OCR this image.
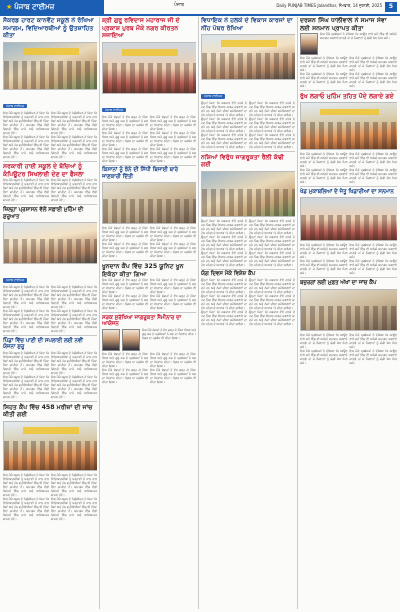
★ ਪੰਜਾਬ ਟਾਈਮਜ਼	ਪੰਜਾਬ	Daily PUNJAB TIMES Jalandhar, ਸੋਮਵਾਰ, 14 ਜੁਲਾਈ, 2025	5

ਸੈਕਰਡ ਹਾਰਟ ਕਾਨਵੈਂਟ ਸਕੂਲ ਨੇ ਰੱਖਿਆ ਸਮਾਗਮ, ਵਿਦਿਆਰਥੀਆਂ ਨੂੰ ਉਤਸ਼ਾਹਿਤ ਕੀਤਾ

ਪੰਜਾਬ ਟਾਈਮਜ਼

ਇਸ ਮੌਕੇ ਸਕੂਲ ਦੇ ਪ੍ਰਿੰਸੀਪਲ ਨੇ ਕਿਹਾ ਕਿ ਵਿਦਿਆਰਥੀਆਂ ਨੂੰ ਪੜ੍ਹਾਈ ਦੇ ਨਾਲ ਨਾਲ ਖੇਡਾਂ ਅਤੇ ਹੋਰ ਗਤੀਵਿਧੀਆਂ ਵਿੱਚ ਵੀ ਹਿੱਸਾ ਲੈਣਾ ਚਾਹੀਦਾ ਹੈ। ਸਮਾਗਮ ਵਿੱਚ ਵੱਡੀ ਗਿਣਤੀ ਵਿੱਚ ਮਾਪੇ ਅਤੇ ਅਧਿਆਪਕ ਸ਼ਾਮਲ ਹੋਏ।

ਇਸ ਮੌਕੇ ਸਕੂਲ ਦੇ ਪ੍ਰਿੰਸੀਪਲ ਨੇ ਕਿਹਾ ਕਿ ਵਿਦਿਆਰਥੀਆਂ ਨੂੰ ਪੜ੍ਹਾਈ ਦੇ ਨਾਲ ਨਾਲ ਖੇਡਾਂ ਅਤੇ ਹੋਰ ਗਤੀਵਿਧੀਆਂ ਵਿੱਚ ਵੀ ਹਿੱਸਾ ਲੈਣਾ ਚਾਹੀਦਾ ਹੈ। ਸਮਾਗਮ ਵਿੱਚ ਵੱਡੀ ਗਿਣਤੀ ਵਿੱਚ ਮਾਪੇ ਅਤੇ ਅਧਿਆਪਕ ਸ਼ਾਮਲ ਹੋਏ।

ਇਸ ਮੌਕੇ ਸਕੂਲ ਦੇ ਪ੍ਰਿੰਸੀਪਲ ਨੇ ਕਿਹਾ ਕਿ ਵਿਦਿਆਰਥੀਆਂ ਨੂੰ ਪੜ੍ਹਾਈ ਦੇ ਨਾਲ ਨਾਲ ਖੇਡਾਂ ਅਤੇ ਹੋਰ ਗਤੀਵਿਧੀਆਂ ਵਿੱਚ ਵੀ ਹਿੱਸਾ ਲੈਣਾ ਚਾਹੀਦਾ ਹੈ। ਸਮਾਗਮ ਵਿੱਚ ਵੱਡੀ ਗਿਣਤੀ ਵਿੱਚ ਮਾਪੇ ਅਤੇ ਅਧਿਆਪਕ ਸ਼ਾਮਲ ਹੋਏ।

ਇਸ ਮੌਕੇ ਸਕੂਲ ਦੇ ਪ੍ਰਿੰਸੀਪਲ ਨੇ ਕਿਹਾ ਕਿ ਵਿਦਿਆਰਥੀਆਂ ਨੂੰ ਪੜ੍ਹਾਈ ਦੇ ਨਾਲ ਨਾਲ ਖੇਡਾਂ ਅਤੇ ਹੋਰ ਗਤੀਵਿਧੀਆਂ ਵਿੱਚ ਵੀ ਹਿੱਸਾ ਲੈਣਾ ਚਾਹੀਦਾ ਹੈ। ਸਮਾਗਮ ਵਿੱਚ ਵੱਡੀ ਗਿਣਤੀ ਵਿੱਚ ਮਾਪੇ ਅਤੇ ਅਧਿਆਪਕ ਸ਼ਾਮਲ ਹੋਏ।

ਸਰਕਾਰੀ ਹਾਈ ਸਕੂਲ ਦੇ ਬੱਚਿਆਂ ਨੂੰ ਕੰਪਿਊਟਰ ਸਿਖਲਾਈ ਦੇਣ ਦਾ ਫੈਸਲਾ

ਇਸ ਮੌਕੇ ਸਕੂਲ ਦੇ ਪ੍ਰਿੰਸੀਪਲ ਨੇ ਕਿਹਾ ਕਿ ਵਿਦਿਆਰਥੀਆਂ ਨੂੰ ਪੜ੍ਹਾਈ ਦੇ ਨਾਲ ਨਾਲ ਖੇਡਾਂ ਅਤੇ ਹੋਰ ਗਤੀਵਿਧੀਆਂ ਵਿੱਚ ਵੀ ਹਿੱਸਾ ਲੈਣਾ ਚਾਹੀਦਾ ਹੈ। ਸਮਾਗਮ ਵਿੱਚ ਵੱਡੀ ਗਿਣਤੀ ਵਿੱਚ ਮਾਪੇ ਅਤੇ ਅਧਿਆਪਕ ਸ਼ਾਮਲ ਹੋਏ।

ਇਸ ਮੌਕੇ ਸਕੂਲ ਦੇ ਪ੍ਰਿੰਸੀਪਲ ਨੇ ਕਿਹਾ ਕਿ ਵਿਦਿਆਰਥੀਆਂ ਨੂੰ ਪੜ੍ਹਾਈ ਦੇ ਨਾਲ ਨਾਲ ਖੇਡਾਂ ਅਤੇ ਹੋਰ ਗਤੀਵਿਧੀਆਂ ਵਿੱਚ ਵੀ ਹਿੱਸਾ ਲੈਣਾ ਚਾਹੀਦਾ ਹੈ। ਸਮਾਗਮ ਵਿੱਚ ਵੱਡੀ ਗਿਣਤੀ ਵਿੱਚ ਮਾਪੇ ਅਤੇ ਅਧਿਆਪਕ ਸ਼ਾਮਲ ਹੋਏ।

ਜ਼ਿਲ੍ਹਾ ਪ੍ਰਸ਼ਾਸਨ ਵੱਲੋਂ ਸਫ਼ਾਈ ਮੁਹਿੰਮ ਦੀ ਸ਼ੁਰੂਆਤ

ਪੰਜਾਬ ਟਾਈਮਜ਼

ਇਸ ਮੌਕੇ ਸਕੂਲ ਦੇ ਪ੍ਰਿੰਸੀਪਲ ਨੇ ਕਿਹਾ ਕਿ ਵਿਦਿਆਰਥੀਆਂ ਨੂੰ ਪੜ੍ਹਾਈ ਦੇ ਨਾਲ ਨਾਲ ਖੇਡਾਂ ਅਤੇ ਹੋਰ ਗਤੀਵਿਧੀਆਂ ਵਿੱਚ ਵੀ ਹਿੱਸਾ ਲੈਣਾ ਚਾਹੀਦਾ ਹੈ। ਸਮਾਗਮ ਵਿੱਚ ਵੱਡੀ ਗਿਣਤੀ ਵਿੱਚ ਮਾਪੇ ਅਤੇ ਅਧਿਆਪਕ ਸ਼ਾਮਲ ਹੋਏ।

ਇਸ ਮੌਕੇ ਸਕੂਲ ਦੇ ਪ੍ਰਿੰਸੀਪਲ ਨੇ ਕਿਹਾ ਕਿ ਵਿਦਿਆਰਥੀਆਂ ਨੂੰ ਪੜ੍ਹਾਈ ਦੇ ਨਾਲ ਨਾਲ ਖੇਡਾਂ ਅਤੇ ਹੋਰ ਗਤੀਵਿਧੀਆਂ ਵਿੱਚ ਵੀ ਹਿੱਸਾ ਲੈਣਾ ਚਾਹੀਦਾ ਹੈ। ਸਮਾਗਮ ਵਿੱਚ ਵੱਡੀ ਗਿਣਤੀ ਵਿੱਚ ਮਾਪੇ ਅਤੇ ਅਧਿਆਪਕ ਸ਼ਾਮਲ ਹੋਏ।

ਇਸ ਮੌਕੇ ਸਕੂਲ ਦੇ ਪ੍ਰਿੰਸੀਪਲ ਨੇ ਕਿਹਾ ਕਿ ਵਿਦਿਆਰਥੀਆਂ ਨੂੰ ਪੜ੍ਹਾਈ ਦੇ ਨਾਲ ਨਾਲ ਖੇਡਾਂ ਅਤੇ ਹੋਰ ਗਤੀਵਿਧੀਆਂ ਵਿੱਚ ਵੀ ਹਿੱਸਾ ਲੈਣਾ ਚਾਹੀਦਾ ਹੈ। ਸਮਾਗਮ ਵਿੱਚ ਵੱਡੀ ਗਿਣਤੀ ਵਿੱਚ ਮਾਪੇ ਅਤੇ ਅਧਿਆਪਕ ਸ਼ਾਮਲ ਹੋਏ।

ਇਸ ਮੌਕੇ ਸਕੂਲ ਦੇ ਪ੍ਰਿੰਸੀਪਲ ਨੇ ਕਿਹਾ ਕਿ ਵਿਦਿਆਰਥੀਆਂ ਨੂੰ ਪੜ੍ਹਾਈ ਦੇ ਨਾਲ ਨਾਲ ਖੇਡਾਂ ਅਤੇ ਹੋਰ ਗਤੀਵਿਧੀਆਂ ਵਿੱਚ ਵੀ ਹਿੱਸਾ ਲੈਣਾ ਚਾਹੀਦਾ ਹੈ। ਸਮਾਗਮ ਵਿੱਚ ਵੱਡੀ ਗਿਣਤੀ ਵਿੱਚ ਮਾਪੇ ਅਤੇ ਅਧਿਆਪਕ ਸ਼ਾਮਲ ਹੋਏ।

ਪਿੰਡਾਂ ਵਿੱਚ ਪਾਣੀ ਦੀ ਸਪਲਾਈ ਲਈ ਨਵੀਂ ਯੋਜਨਾ ਸ਼ੁਰੂ

ਇਸ ਮੌਕੇ ਸਕੂਲ ਦੇ ਪ੍ਰਿੰਸੀਪਲ ਨੇ ਕਿਹਾ ਕਿ ਵਿਦਿਆਰਥੀਆਂ ਨੂੰ ਪੜ੍ਹਾਈ ਦੇ ਨਾਲ ਨਾਲ ਖੇਡਾਂ ਅਤੇ ਹੋਰ ਗਤੀਵਿਧੀਆਂ ਵਿੱਚ ਵੀ ਹਿੱਸਾ ਲੈਣਾ ਚਾਹੀਦਾ ਹੈ। ਸਮਾਗਮ ਵਿੱਚ ਵੱਡੀ ਗਿਣਤੀ ਵਿੱਚ ਮਾਪੇ ਅਤੇ ਅਧਿਆਪਕ ਸ਼ਾਮਲ ਹੋਏ।

ਇਸ ਮੌਕੇ ਸਕੂਲ ਦੇ ਪ੍ਰਿੰਸੀਪਲ ਨੇ ਕਿਹਾ ਕਿ ਵਿਦਿਆਰਥੀਆਂ ਨੂੰ ਪੜ੍ਹਾਈ ਦੇ ਨਾਲ ਨਾਲ ਖੇਡਾਂ ਅਤੇ ਹੋਰ ਗਤੀਵਿਧੀਆਂ ਵਿੱਚ ਵੀ ਹਿੱਸਾ ਲੈਣਾ ਚਾਹੀਦਾ ਹੈ। ਸਮਾਗਮ ਵਿੱਚ ਵੱਡੀ ਗਿਣਤੀ ਵਿੱਚ ਮਾਪੇ ਅਤੇ ਅਧਿਆਪਕ ਸ਼ਾਮਲ ਹੋਏ।

ਇਸ ਮੌਕੇ ਸਕੂਲ ਦੇ ਪ੍ਰਿੰਸੀਪਲ ਨੇ ਕਿਹਾ ਕਿ ਵਿਦਿਆਰਥੀਆਂ ਨੂੰ ਪੜ੍ਹਾਈ ਦੇ ਨਾਲ ਨਾਲ ਖੇਡਾਂ ਅਤੇ ਹੋਰ ਗਤੀਵਿਧੀਆਂ ਵਿੱਚ ਵੀ ਹਿੱਸਾ ਲੈਣਾ ਚਾਹੀਦਾ ਹੈ। ਸਮਾਗਮ ਵਿੱਚ ਵੱਡੀ ਗਿਣਤੀ ਵਿੱਚ ਮਾਪੇ ਅਤੇ ਅਧਿਆਪਕ ਸ਼ਾਮਲ ਹੋਏ।

ਇਸ ਮੌਕੇ ਸਕੂਲ ਦੇ ਪ੍ਰਿੰਸੀਪਲ ਨੇ ਕਿਹਾ ਕਿ ਵਿਦਿਆਰਥੀਆਂ ਨੂੰ ਪੜ੍ਹਾਈ ਦੇ ਨਾਲ ਨਾਲ ਖੇਡਾਂ ਅਤੇ ਹੋਰ ਗਤੀਵਿਧੀਆਂ ਵਿੱਚ ਵੀ ਹਿੱਸਾ ਲੈਣਾ ਚਾਹੀਦਾ ਹੈ। ਸਮਾਗਮ ਵਿੱਚ ਵੱਡੀ ਗਿਣਤੀ ਵਿੱਚ ਮਾਪੇ ਅਤੇ ਅਧਿਆਪਕ ਸ਼ਾਮਲ ਹੋਏ।

ਸਿਹਤ ਕੈਂਪ ਵਿੱਚ 458 ਮਰੀਜ਼ਾਂ ਦੀ ਜਾਂਚ ਕੀਤੀ ਗਈ

ਇਸ ਮੌਕੇ ਸਕੂਲ ਦੇ ਪ੍ਰਿੰਸੀਪਲ ਨੇ ਕਿਹਾ ਕਿ ਵਿਦਿਆਰਥੀਆਂ ਨੂੰ ਪੜ੍ਹਾਈ ਦੇ ਨਾਲ ਨਾਲ ਖੇਡਾਂ ਅਤੇ ਹੋਰ ਗਤੀਵਿਧੀਆਂ ਵਿੱਚ ਵੀ ਹਿੱਸਾ ਲੈਣਾ ਚਾਹੀਦਾ ਹੈ। ਸਮਾਗਮ ਵਿੱਚ ਵੱਡੀ ਗਿਣਤੀ ਵਿੱਚ ਮਾਪੇ ਅਤੇ ਅਧਿਆਪਕ ਸ਼ਾਮਲ ਹੋਏ।

ਇਸ ਮੌਕੇ ਸਕੂਲ ਦੇ ਪ੍ਰਿੰਸੀਪਲ ਨੇ ਕਿਹਾ ਕਿ ਵਿਦਿਆਰਥੀਆਂ ਨੂੰ ਪੜ੍ਹਾਈ ਦੇ ਨਾਲ ਨਾਲ ਖੇਡਾਂ ਅਤੇ ਹੋਰ ਗਤੀਵਿਧੀਆਂ ਵਿੱਚ ਵੀ ਹਿੱਸਾ ਲੈਣਾ ਚਾਹੀਦਾ ਹੈ। ਸਮਾਗਮ ਵਿੱਚ ਵੱਡੀ ਗਿਣਤੀ ਵਿੱਚ ਮਾਪੇ ਅਤੇ ਅਧਿਆਪਕ ਸ਼ਾਮਲ ਹੋਏ।

ਇਸ ਮੌਕੇ ਸਕੂਲ ਦੇ ਪ੍ਰਿੰਸੀਪਲ ਨੇ ਕਿਹਾ ਕਿ ਵਿਦਿਆਰਥੀਆਂ ਨੂੰ ਪੜ੍ਹਾਈ ਦੇ ਨਾਲ ਨਾਲ ਖੇਡਾਂ ਅਤੇ ਹੋਰ ਗਤੀਵਿਧੀਆਂ ਵਿੱਚ ਵੀ ਹਿੱਸਾ ਲੈਣਾ ਚਾਹੀਦਾ ਹੈ। ਸਮਾਗਮ ਵਿੱਚ ਵੱਡੀ ਗਿਣਤੀ ਵਿੱਚ ਮਾਪੇ ਅਤੇ ਅਧਿਆਪਕ ਸ਼ਾਮਲ ਹੋਏ।

ਇਸ ਮੌਕੇ ਸਕੂਲ ਦੇ ਪ੍ਰਿੰਸੀਪਲ ਨੇ ਕਿਹਾ ਕਿ ਵਿਦਿਆਰਥੀਆਂ ਨੂੰ ਪੜ੍ਹਾਈ ਦੇ ਨਾਲ ਨਾਲ ਖੇਡਾਂ ਅਤੇ ਹੋਰ ਗਤੀਵਿਧੀਆਂ ਵਿੱਚ ਵੀ ਹਿੱਸਾ ਲੈਣਾ ਚਾਹੀਦਾ ਹੈ। ਸਮਾਗਮ ਵਿੱਚ ਵੱਡੀ ਗਿਣਤੀ ਵਿੱਚ ਮਾਪੇ ਅਤੇ ਅਧਿਆਪਕ ਸ਼ਾਮਲ ਹੋਏ।

ਸ਼੍ਰੀ ਗੁਰੂ ਰਵਿਦਾਸ ਮਹਾਰਾਜ ਜੀ ਦੇ ਪ੍ਰਕਾਸ਼ ਪੁਰਬ ਮੌਕੇ ਨਗਰ ਕੀਰਤਨ ਸਜਾਇਆ

ਪੰਜਾਬ ਟਾਈਮਜ਼

ਇਸ ਮੌਕੇ ਸੰਗਤਾਂ ਨੇ ਵੱਧ ਚੜ੍ਹ ਕੇ ਹਿੱਸਾ ਲਿਆ ਅਤੇ ਗੁਰੂ ਘਰ ਦੇ ਪ੍ਰਬੰਧਕਾਂ ਨੇ ਸਭ ਦਾ ਧੰਨਵਾਦ ਕੀਤਾ। ਲੰਗਰ ਦਾ ਪ੍ਰਬੰਧ ਵੀ ਕੀਤਾ ਗਿਆ।

ਇਸ ਮੌਕੇ ਸੰਗਤਾਂ ਨੇ ਵੱਧ ਚੜ੍ਹ ਕੇ ਹਿੱਸਾ ਲਿਆ ਅਤੇ ਗੁਰੂ ਘਰ ਦੇ ਪ੍ਰਬੰਧਕਾਂ ਨੇ ਸਭ ਦਾ ਧੰਨਵਾਦ ਕੀਤਾ। ਲੰਗਰ ਦਾ ਪ੍ਰਬੰਧ ਵੀ ਕੀਤਾ ਗਿਆ।

ਇਸ ਮੌਕੇ ਸੰਗਤਾਂ ਨੇ ਵੱਧ ਚੜ੍ਹ ਕੇ ਹਿੱਸਾ ਲਿਆ ਅਤੇ ਗੁਰੂ ਘਰ ਦੇ ਪ੍ਰਬੰਧਕਾਂ ਨੇ ਸਭ ਦਾ ਧੰਨਵਾਦ ਕੀਤਾ। ਲੰਗਰ ਦਾ ਪ੍ਰਬੰਧ ਵੀ ਕੀਤਾ ਗਿਆ।

ਇਸ ਮੌਕੇ ਸੰਗਤਾਂ ਨੇ ਵੱਧ ਚੜ੍ਹ ਕੇ ਹਿੱਸਾ ਲਿਆ ਅਤੇ ਗੁਰੂ ਘਰ ਦੇ ਪ੍ਰਬੰਧਕਾਂ ਨੇ ਸਭ ਦਾ ਧੰਨਵਾਦ ਕੀਤਾ। ਲੰਗਰ ਦਾ ਪ੍ਰਬੰਧ ਵੀ ਕੀਤਾ ਗਿਆ।

ਇਸ ਮੌਕੇ ਸੰਗਤਾਂ ਨੇ ਵੱਧ ਚੜ੍ਹ ਕੇ ਹਿੱਸਾ ਲਿਆ ਅਤੇ ਗੁਰੂ ਘਰ ਦੇ ਪ੍ਰਬੰਧਕਾਂ ਨੇ ਸਭ ਦਾ ਧੰਨਵਾਦ ਕੀਤਾ। ਲੰਗਰ ਦਾ ਪ੍ਰਬੰਧ ਵੀ ਕੀਤਾ ਗਿਆ।

ਇਸ ਮੌਕੇ ਸੰਗਤਾਂ ਨੇ ਵੱਧ ਚੜ੍ਹ ਕੇ ਹਿੱਸਾ ਲਿਆ ਅਤੇ ਗੁਰੂ ਘਰ ਦੇ ਪ੍ਰਬੰਧਕਾਂ ਨੇ ਸਭ ਦਾ ਧੰਨਵਾਦ ਕੀਤਾ। ਲੰਗਰ ਦਾ ਪ੍ਰਬੰਧ ਵੀ ਕੀਤਾ ਗਿਆ।

ਕਿਸਾਨਾਂ ਨੂੰ ਝੋਨੇ ਦੀ ਸਿੱਧੀ ਬਿਜਾਈ ਬਾਰੇ ਜਾਣਕਾਰੀ ਦਿੱਤੀ

ਇਸ ਮੌਕੇ ਸੰਗਤਾਂ ਨੇ ਵੱਧ ਚੜ੍ਹ ਕੇ ਹਿੱਸਾ ਲਿਆ ਅਤੇ ਗੁਰੂ ਘਰ ਦੇ ਪ੍ਰਬੰਧਕਾਂ ਨੇ ਸਭ ਦਾ ਧੰਨਵਾਦ ਕੀਤਾ। ਲੰਗਰ ਦਾ ਪ੍ਰਬੰਧ ਵੀ ਕੀਤਾ ਗਿਆ।

ਇਸ ਮੌਕੇ ਸੰਗਤਾਂ ਨੇ ਵੱਧ ਚੜ੍ਹ ਕੇ ਹਿੱਸਾ ਲਿਆ ਅਤੇ ਗੁਰੂ ਘਰ ਦੇ ਪ੍ਰਬੰਧਕਾਂ ਨੇ ਸਭ ਦਾ ਧੰਨਵਾਦ ਕੀਤਾ। ਲੰਗਰ ਦਾ ਪ੍ਰਬੰਧ ਵੀ ਕੀਤਾ ਗਿਆ।

ਇਸ ਮੌਕੇ ਸੰਗਤਾਂ ਨੇ ਵੱਧ ਚੜ੍ਹ ਕੇ ਹਿੱਸਾ ਲਿਆ ਅਤੇ ਗੁਰੂ ਘਰ ਦੇ ਪ੍ਰਬੰਧਕਾਂ ਨੇ ਸਭ ਦਾ ਧੰਨਵਾਦ ਕੀਤਾ। ਲੰਗਰ ਦਾ ਪ੍ਰਬੰਧ ਵੀ ਕੀਤਾ ਗਿਆ।

ਇਸ ਮੌਕੇ ਸੰਗਤਾਂ ਨੇ ਵੱਧ ਚੜ੍ਹ ਕੇ ਹਿੱਸਾ ਲਿਆ ਅਤੇ ਗੁਰੂ ਘਰ ਦੇ ਪ੍ਰਬੰਧਕਾਂ ਨੇ ਸਭ ਦਾ ਧੰਨਵਾਦ ਕੀਤਾ। ਲੰਗਰ ਦਾ ਪ੍ਰਬੰਧ ਵੀ ਕੀਤਾ ਗਿਆ।

ਖੂਨਦਾਨ ਕੈਂਪ ਵਿੱਚ 325 ਯੂਨਿਟ ਖੂਨ ਇਕੱਠਾ ਕੀਤਾ ਗਿਆ

ਇਸ ਮੌਕੇ ਸੰਗਤਾਂ ਨੇ ਵੱਧ ਚੜ੍ਹ ਕੇ ਹਿੱਸਾ ਲਿਆ ਅਤੇ ਗੁਰੂ ਘਰ ਦੇ ਪ੍ਰਬੰਧਕਾਂ ਨੇ ਸਭ ਦਾ ਧੰਨਵਾਦ ਕੀਤਾ। ਲੰਗਰ ਦਾ ਪ੍ਰਬੰਧ ਵੀ ਕੀਤਾ ਗਿਆ।

ਇਸ ਮੌਕੇ ਸੰਗਤਾਂ ਨੇ ਵੱਧ ਚੜ੍ਹ ਕੇ ਹਿੱਸਾ ਲਿਆ ਅਤੇ ਗੁਰੂ ਘਰ ਦੇ ਪ੍ਰਬੰਧਕਾਂ ਨੇ ਸਭ ਦਾ ਧੰਨਵਾਦ ਕੀਤਾ। ਲੰਗਰ ਦਾ ਪ੍ਰਬੰਧ ਵੀ ਕੀਤਾ ਗਿਆ।

ਇਸ ਮੌਕੇ ਸੰਗਤਾਂ ਨੇ ਵੱਧ ਚੜ੍ਹ ਕੇ ਹਿੱਸਾ ਲਿਆ ਅਤੇ ਗੁਰੂ ਘਰ ਦੇ ਪ੍ਰਬੰਧਕਾਂ ਨੇ ਸਭ ਦਾ ਧੰਨਵਾਦ ਕੀਤਾ। ਲੰਗਰ ਦਾ ਪ੍ਰਬੰਧ ਵੀ ਕੀਤਾ ਗਿਆ।

ਇਸ ਮੌਕੇ ਸੰਗਤਾਂ ਨੇ ਵੱਧ ਚੜ੍ਹ ਕੇ ਹਿੱਸਾ ਲਿਆ ਅਤੇ ਗੁਰੂ ਘਰ ਦੇ ਪ੍ਰਬੰਧਕਾਂ ਨੇ ਸਭ ਦਾ ਧੰਨਵਾਦ ਕੀਤਾ। ਲੰਗਰ ਦਾ ਪ੍ਰਬੰਧ ਵੀ ਕੀਤਾ ਗਿਆ।

ਸੜਕ ਸੁਰੱਖਿਆ ਜਾਗਰੂਕਤਾ ਸੈਮੀਨਾਰ ਦਾ ਆਯੋਜਨ

ਇਸ ਮੌਕੇ ਸੰਗਤਾਂ ਨੇ ਵੱਧ ਚੜ੍ਹ ਕੇ ਹਿੱਸਾ ਲਿਆ ਅਤੇ ਗੁਰੂ ਘਰ ਦੇ ਪ੍ਰਬੰਧਕਾਂ ਨੇ ਸਭ ਦਾ ਧੰਨਵਾਦ ਕੀਤਾ। ਲੰਗਰ ਦਾ ਪ੍ਰਬੰਧ ਵੀ ਕੀਤਾ ਗਿਆ।

ਇਸ ਮੌਕੇ ਸੰਗਤਾਂ ਨੇ ਵੱਧ ਚੜ੍ਹ ਕੇ ਹਿੱਸਾ ਲਿਆ ਅਤੇ ਗੁਰੂ ਘਰ ਦੇ ਪ੍ਰਬੰਧਕਾਂ ਨੇ ਸਭ ਦਾ ਧੰਨਵਾਦ ਕੀਤਾ। ਲੰਗਰ ਦਾ ਪ੍ਰਬੰਧ ਵੀ ਕੀਤਾ ਗਿਆ।

ਇਸ ਮੌਕੇ ਸੰਗਤਾਂ ਨੇ ਵੱਧ ਚੜ੍ਹ ਕੇ ਹਿੱਸਾ ਲਿਆ ਅਤੇ ਗੁਰੂ ਘਰ ਦੇ ਪ੍ਰਬੰਧਕਾਂ ਨੇ ਸਭ ਦਾ ਧੰਨਵਾਦ ਕੀਤਾ। ਲੰਗਰ ਦਾ ਪ੍ਰਬੰਧ ਵੀ ਕੀਤਾ ਗਿਆ।

ਇਸ ਮੌਕੇ ਸੰਗਤਾਂ ਨੇ ਵੱਧ ਚੜ੍ਹ ਕੇ ਹਿੱਸਾ ਲਿਆ ਅਤੇ ਗੁਰੂ ਘਰ ਦੇ ਪ੍ਰਬੰਧਕਾਂ ਨੇ ਸਭ ਦਾ ਧੰਨਵਾਦ ਕੀਤਾ। ਲੰਗਰ ਦਾ ਪ੍ਰਬੰਧ ਵੀ ਕੀਤਾ ਗਿਆ।

ਇਸ ਮੌਕੇ ਸੰਗਤਾਂ ਨੇ ਵੱਧ ਚੜ੍ਹ ਕੇ ਹਿੱਸਾ ਲਿਆ ਅਤੇ ਗੁਰੂ ਘਰ ਦੇ ਪ੍ਰਬੰਧਕਾਂ ਨੇ ਸਭ ਦਾ ਧੰਨਵਾਦ ਕੀਤਾ। ਲੰਗਰ ਦਾ ਪ੍ਰਬੰਧ ਵੀ ਕੀਤਾ ਗਿਆ।

ਵਿਧਾਇਕ ਨੇ ਹਲਕੇ ਦੇ ਵਿਕਾਸ ਕਾਰਜਾਂ ਦਾ ਨੀਂਹ ਪੱਥਰ ਰੱਖਿਆ

ਪੰਜਾਬ ਟਾਈਮਜ਼

ਉਨ੍ਹਾਂ ਕਿਹਾ ਕਿ ਸਰਕਾਰ ਵੱਲੋਂ ਹਲਕੇ ਦੇ ਹਰ ਪਿੰਡ ਵਿੱਚ ਵਿਕਾਸ ਕਾਰਜ ਕਰਵਾਏ ਜਾ ਰਹੇ ਹਨ ਅਤੇ ਲੋਕਾਂ ਦੀਆਂ ਸਮੱਸਿਆਵਾਂ ਦਾ ਹੱਲ ਪਹਿਲ ਦੇ ਆਧਾਰ 'ਤੇ ਕੀਤਾ ਜਾਵੇਗਾ।

ਉਨ੍ਹਾਂ ਕਿਹਾ ਕਿ ਸਰਕਾਰ ਵੱਲੋਂ ਹਲਕੇ ਦੇ ਹਰ ਪਿੰਡ ਵਿੱਚ ਵਿਕਾਸ ਕਾਰਜ ਕਰਵਾਏ ਜਾ ਰਹੇ ਹਨ ਅਤੇ ਲੋਕਾਂ ਦੀਆਂ ਸਮੱਸਿਆਵਾਂ ਦਾ ਹੱਲ ਪਹਿਲ ਦੇ ਆਧਾਰ 'ਤੇ ਕੀਤਾ ਜਾਵੇਗਾ।

ਉਨ੍ਹਾਂ ਕਿਹਾ ਕਿ ਸਰਕਾਰ ਵੱਲੋਂ ਹਲਕੇ ਦੇ ਹਰ ਪਿੰਡ ਵਿੱਚ ਵਿਕਾਸ ਕਾਰਜ ਕਰਵਾਏ ਜਾ ਰਹੇ ਹਨ ਅਤੇ ਲੋਕਾਂ ਦੀਆਂ ਸਮੱਸਿਆਵਾਂ ਦਾ ਹੱਲ ਪਹਿਲ ਦੇ ਆਧਾਰ 'ਤੇ ਕੀਤਾ ਜਾਵੇਗਾ।

ਉਨ੍ਹਾਂ ਕਿਹਾ ਕਿ ਸਰਕਾਰ ਵੱਲੋਂ ਹਲਕੇ ਦੇ ਹਰ ਪਿੰਡ ਵਿੱਚ ਵਿਕਾਸ ਕਾਰਜ ਕਰਵਾਏ ਜਾ ਰਹੇ ਹਨ ਅਤੇ ਲੋਕਾਂ ਦੀਆਂ ਸਮੱਸਿਆਵਾਂ ਦਾ ਹੱਲ ਪਹਿਲ ਦੇ ਆਧਾਰ 'ਤੇ ਕੀਤਾ ਜਾਵੇਗਾ।

ਉਨ੍ਹਾਂ ਕਿਹਾ ਕਿ ਸਰਕਾਰ ਵੱਲੋਂ ਹਲਕੇ ਦੇ ਹਰ ਪਿੰਡ ਵਿੱਚ ਵਿਕਾਸ ਕਾਰਜ ਕਰਵਾਏ ਜਾ ਰਹੇ ਹਨ ਅਤੇ ਲੋਕਾਂ ਦੀਆਂ ਸਮੱਸਿਆਵਾਂ ਦਾ ਹੱਲ ਪਹਿਲ ਦੇ ਆਧਾਰ 'ਤੇ ਕੀਤਾ ਜਾਵੇਗਾ।

ਉਨ੍ਹਾਂ ਕਿਹਾ ਕਿ ਸਰਕਾਰ ਵੱਲੋਂ ਹਲਕੇ ਦੇ ਹਰ ਪਿੰਡ ਵਿੱਚ ਵਿਕਾਸ ਕਾਰਜ ਕਰਵਾਏ ਜਾ ਰਹੇ ਹਨ ਅਤੇ ਲੋਕਾਂ ਦੀਆਂ ਸਮੱਸਿਆਵਾਂ ਦਾ ਹੱਲ ਪਹਿਲ ਦੇ ਆਧਾਰ 'ਤੇ ਕੀਤਾ ਜਾਵੇਗਾ।

ਨਸ਼ਿਆਂ ਵਿਰੁੱਧ ਜਾਗਰੂਕਤਾ ਰੈਲੀ ਕੱਢੀ ਗਈ

ਉਨ੍ਹਾਂ ਕਿਹਾ ਕਿ ਸਰਕਾਰ ਵੱਲੋਂ ਹਲਕੇ ਦੇ ਹਰ ਪਿੰਡ ਵਿੱਚ ਵਿਕਾਸ ਕਾਰਜ ਕਰਵਾਏ ਜਾ ਰਹੇ ਹਨ ਅਤੇ ਲੋਕਾਂ ਦੀਆਂ ਸਮੱਸਿਆਵਾਂ ਦਾ ਹੱਲ ਪਹਿਲ ਦੇ ਆਧਾਰ 'ਤੇ ਕੀਤਾ ਜਾਵੇਗਾ।

ਉਨ੍ਹਾਂ ਕਿਹਾ ਕਿ ਸਰਕਾਰ ਵੱਲੋਂ ਹਲਕੇ ਦੇ ਹਰ ਪਿੰਡ ਵਿੱਚ ਵਿਕਾਸ ਕਾਰਜ ਕਰਵਾਏ ਜਾ ਰਹੇ ਹਨ ਅਤੇ ਲੋਕਾਂ ਦੀਆਂ ਸਮੱਸਿਆਵਾਂ ਦਾ ਹੱਲ ਪਹਿਲ ਦੇ ਆਧਾਰ 'ਤੇ ਕੀਤਾ ਜਾਵੇਗਾ।

ਉਨ੍ਹਾਂ ਕਿਹਾ ਕਿ ਸਰਕਾਰ ਵੱਲੋਂ ਹਲਕੇ ਦੇ ਹਰ ਪਿੰਡ ਵਿੱਚ ਵਿਕਾਸ ਕਾਰਜ ਕਰਵਾਏ ਜਾ ਰਹੇ ਹਨ ਅਤੇ ਲੋਕਾਂ ਦੀਆਂ ਸਮੱਸਿਆਵਾਂ ਦਾ ਹੱਲ ਪਹਿਲ ਦੇ ਆਧਾਰ 'ਤੇ ਕੀਤਾ ਜਾਵੇਗਾ।

ਉਨ੍ਹਾਂ ਕਿਹਾ ਕਿ ਸਰਕਾਰ ਵੱਲੋਂ ਹਲਕੇ ਦੇ ਹਰ ਪਿੰਡ ਵਿੱਚ ਵਿਕਾਸ ਕਾਰਜ ਕਰਵਾਏ ਜਾ ਰਹੇ ਹਨ ਅਤੇ ਲੋਕਾਂ ਦੀਆਂ ਸਮੱਸਿਆਵਾਂ ਦਾ ਹੱਲ ਪਹਿਲ ਦੇ ਆਧਾਰ 'ਤੇ ਕੀਤਾ ਜਾਵੇਗਾ।

ਉਨ੍ਹਾਂ ਕਿਹਾ ਕਿ ਸਰਕਾਰ ਵੱਲੋਂ ਹਲਕੇ ਦੇ ਹਰ ਪਿੰਡ ਵਿੱਚ ਵਿਕਾਸ ਕਾਰਜ ਕਰਵਾਏ ਜਾ ਰਹੇ ਹਨ ਅਤੇ ਲੋਕਾਂ ਦੀਆਂ ਸਮੱਸਿਆਵਾਂ ਦਾ ਹੱਲ ਪਹਿਲ ਦੇ ਆਧਾਰ 'ਤੇ ਕੀਤਾ ਜਾਵੇਗਾ।

ਉਨ੍ਹਾਂ ਕਿਹਾ ਕਿ ਸਰਕਾਰ ਵੱਲੋਂ ਹਲਕੇ ਦੇ ਹਰ ਪਿੰਡ ਵਿੱਚ ਵਿਕਾਸ ਕਾਰਜ ਕਰਵਾਏ ਜਾ ਰਹੇ ਹਨ ਅਤੇ ਲੋਕਾਂ ਦੀਆਂ ਸਮੱਸਿਆਵਾਂ ਦਾ ਹੱਲ ਪਹਿਲ ਦੇ ਆਧਾਰ 'ਤੇ ਕੀਤਾ ਜਾਵੇਗਾ।

ਯੋਗ ਦਿਵਸ ਮੌਕੇ ਵਿਸ਼ੇਸ਼ ਕੈਂਪ

ਉਨ੍ਹਾਂ ਕਿਹਾ ਕਿ ਸਰਕਾਰ ਵੱਲੋਂ ਹਲਕੇ ਦੇ ਹਰ ਪਿੰਡ ਵਿੱਚ ਵਿਕਾਸ ਕਾਰਜ ਕਰਵਾਏ ਜਾ ਰਹੇ ਹਨ ਅਤੇ ਲੋਕਾਂ ਦੀਆਂ ਸਮੱਸਿਆਵਾਂ ਦਾ ਹੱਲ ਪਹਿਲ ਦੇ ਆਧਾਰ 'ਤੇ ਕੀਤਾ ਜਾਵੇਗਾ।

ਉਨ੍ਹਾਂ ਕਿਹਾ ਕਿ ਸਰਕਾਰ ਵੱਲੋਂ ਹਲਕੇ ਦੇ ਹਰ ਪਿੰਡ ਵਿੱਚ ਵਿਕਾਸ ਕਾਰਜ ਕਰਵਾਏ ਜਾ ਰਹੇ ਹਨ ਅਤੇ ਲੋਕਾਂ ਦੀਆਂ ਸਮੱਸਿਆਵਾਂ ਦਾ ਹੱਲ ਪਹਿਲ ਦੇ ਆਧਾਰ 'ਤੇ ਕੀਤਾ ਜਾਵੇਗਾ।

ਉਨ੍ਹਾਂ ਕਿਹਾ ਕਿ ਸਰਕਾਰ ਵੱਲੋਂ ਹਲਕੇ ਦੇ ਹਰ ਪਿੰਡ ਵਿੱਚ ਵਿਕਾਸ ਕਾਰਜ ਕਰਵਾਏ ਜਾ ਰਹੇ ਹਨ ਅਤੇ ਲੋਕਾਂ ਦੀਆਂ ਸਮੱਸਿਆਵਾਂ ਦਾ ਹੱਲ ਪਹਿਲ ਦੇ ਆਧਾਰ 'ਤੇ ਕੀਤਾ ਜਾਵੇਗਾ।

ਉਨ੍ਹਾਂ ਕਿਹਾ ਕਿ ਸਰਕਾਰ ਵੱਲੋਂ ਹਲਕੇ ਦੇ ਹਰ ਪਿੰਡ ਵਿੱਚ ਵਿਕਾਸ ਕਾਰਜ ਕਰਵਾਏ ਜਾ ਰਹੇ ਹਨ ਅਤੇ ਲੋਕਾਂ ਦੀਆਂ ਸਮੱਸਿਆਵਾਂ ਦਾ ਹੱਲ ਪਹਿਲ ਦੇ ਆਧਾਰ 'ਤੇ ਕੀਤਾ ਜਾਵੇਗਾ।

ਉਨ੍ਹਾਂ ਕਿਹਾ ਕਿ ਸਰਕਾਰ ਵੱਲੋਂ ਹਲਕੇ ਦੇ ਹਰ ਪਿੰਡ ਵਿੱਚ ਵਿਕਾਸ ਕਾਰਜ ਕਰਵਾਏ ਜਾ ਰਹੇ ਹਨ ਅਤੇ ਲੋਕਾਂ ਦੀਆਂ ਸਮੱਸਿਆਵਾਂ ਦਾ ਹੱਲ ਪਹਿਲ ਦੇ ਆਧਾਰ 'ਤੇ ਕੀਤਾ ਜਾਵੇਗਾ।

ਉਨ੍ਹਾਂ ਕਿਹਾ ਕਿ ਸਰਕਾਰ ਵੱਲੋਂ ਹਲਕੇ ਦੇ ਹਰ ਪਿੰਡ ਵਿੱਚ ਵਿਕਾਸ ਕਾਰਜ ਕਰਵਾਏ ਜਾ ਰਹੇ ਹਨ ਅਤੇ ਲੋਕਾਂ ਦੀਆਂ ਸਮੱਸਿਆਵਾਂ ਦਾ ਹੱਲ ਪਹਿਲ ਦੇ ਆਧਾਰ 'ਤੇ ਕੀਤਾ ਜਾਵੇਗਾ।

ਦਰਸ਼ਨ ਸਿੰਘ ਧਾਲੀਵਾਲ ਨੇ ਸਮਾਜ ਸੇਵਾ ਲਈ ਸਨਮਾਨ ਪ੍ਰਾਪਤ ਕੀਤਾ

ਇਸ ਮੌਕੇ ਪ੍ਰਬੰਧਕਾਂ ਨੇ ਦੱਸਿਆ ਕਿ ਆਉਣ ਵਾਲੇ ਸਮੇਂ ਵਿੱਚ ਵੀ ਅਜਿਹੇ ਸਮਾਗਮ ਕਰਵਾਏ ਜਾਣਗੇ ਤਾਂ ਜੋ ਨੌਜਵਾਨਾਂ ਨੂੰ ਚੰਗੀ ਸੇਧ ਮਿਲ ਸਕੇ।

ਇਸ ਮੌਕੇ ਪ੍ਰਬੰਧਕਾਂ ਨੇ ਦੱਸਿਆ ਕਿ ਆਉਣ ਵਾਲੇ ਸਮੇਂ ਵਿੱਚ ਵੀ ਅਜਿਹੇ ਸਮਾਗਮ ਕਰਵਾਏ ਜਾਣਗੇ ਤਾਂ ਜੋ ਨੌਜਵਾਨਾਂ ਨੂੰ ਚੰਗੀ ਸੇਧ ਮਿਲ ਸਕੇ।

ਇਸ ਮੌਕੇ ਪ੍ਰਬੰਧਕਾਂ ਨੇ ਦੱਸਿਆ ਕਿ ਆਉਣ ਵਾਲੇ ਸਮੇਂ ਵਿੱਚ ਵੀ ਅਜਿਹੇ ਸਮਾਗਮ ਕਰਵਾਏ ਜਾਣਗੇ ਤਾਂ ਜੋ ਨੌਜਵਾਨਾਂ ਨੂੰ ਚੰਗੀ ਸੇਧ ਮਿਲ ਸਕੇ।

ਇਸ ਮੌਕੇ ਪ੍ਰਬੰਧਕਾਂ ਨੇ ਦੱਸਿਆ ਕਿ ਆਉਣ ਵਾਲੇ ਸਮੇਂ ਵਿੱਚ ਵੀ ਅਜਿਹੇ ਸਮਾਗਮ ਕਰਵਾਏ ਜਾਣਗੇ ਤਾਂ ਜੋ ਨੌਜਵਾਨਾਂ ਨੂੰ ਚੰਗੀ ਸੇਧ ਮਿਲ ਸਕੇ।

ਇਸ ਮੌਕੇ ਪ੍ਰਬੰਧਕਾਂ ਨੇ ਦੱਸਿਆ ਕਿ ਆਉਣ ਵਾਲੇ ਸਮੇਂ ਵਿੱਚ ਵੀ ਅਜਿਹੇ ਸਮਾਗਮ ਕਰਵਾਏ ਜਾਣਗੇ ਤਾਂ ਜੋ ਨੌਜਵਾਨਾਂ ਨੂੰ ਚੰਗੀ ਸੇਧ ਮਿਲ ਸਕੇ।

ਰੁੱਖ ਲਗਾਓ ਮੁਹਿੰਮ ਤਹਿਤ ਪੌਦੇ ਲਗਾਏ ਗਏ

ਇਸ ਮੌਕੇ ਪ੍ਰਬੰਧਕਾਂ ਨੇ ਦੱਸਿਆ ਕਿ ਆਉਣ ਵਾਲੇ ਸਮੇਂ ਵਿੱਚ ਵੀ ਅਜਿਹੇ ਸਮਾਗਮ ਕਰਵਾਏ ਜਾਣਗੇ ਤਾਂ ਜੋ ਨੌਜਵਾਨਾਂ ਨੂੰ ਚੰਗੀ ਸੇਧ ਮਿਲ ਸਕੇ।

ਇਸ ਮੌਕੇ ਪ੍ਰਬੰਧਕਾਂ ਨੇ ਦੱਸਿਆ ਕਿ ਆਉਣ ਵਾਲੇ ਸਮੇਂ ਵਿੱਚ ਵੀ ਅਜਿਹੇ ਸਮਾਗਮ ਕਰਵਾਏ ਜਾਣਗੇ ਤਾਂ ਜੋ ਨੌਜਵਾਨਾਂ ਨੂੰ ਚੰਗੀ ਸੇਧ ਮਿਲ ਸਕੇ।

ਇਸ ਮੌਕੇ ਪ੍ਰਬੰਧਕਾਂ ਨੇ ਦੱਸਿਆ ਕਿ ਆਉਣ ਵਾਲੇ ਸਮੇਂ ਵਿੱਚ ਵੀ ਅਜਿਹੇ ਸਮਾਗਮ ਕਰਵਾਏ ਜਾਣਗੇ ਤਾਂ ਜੋ ਨੌਜਵਾਨਾਂ ਨੂੰ ਚੰਗੀ ਸੇਧ ਮਿਲ ਸਕੇ।

ਇਸ ਮੌਕੇ ਪ੍ਰਬੰਧਕਾਂ ਨੇ ਦੱਸਿਆ ਕਿ ਆਉਣ ਵਾਲੇ ਸਮੇਂ ਵਿੱਚ ਵੀ ਅਜਿਹੇ ਸਮਾਗਮ ਕਰਵਾਏ ਜਾਣਗੇ ਤਾਂ ਜੋ ਨੌਜਵਾਨਾਂ ਨੂੰ ਚੰਗੀ ਸੇਧ ਮਿਲ ਸਕੇ।

ਖੇਡ ਮੁਕਾਬਲਿਆਂ ਦੇ ਜੇਤੂ ਖਿਡਾਰੀਆਂ ਦਾ ਸਨਮਾਨ

ਇਸ ਮੌਕੇ ਪ੍ਰਬੰਧਕਾਂ ਨੇ ਦੱਸਿਆ ਕਿ ਆਉਣ ਵਾਲੇ ਸਮੇਂ ਵਿੱਚ ਵੀ ਅਜਿਹੇ ਸਮਾਗਮ ਕਰਵਾਏ ਜਾਣਗੇ ਤਾਂ ਜੋ ਨੌਜਵਾਨਾਂ ਨੂੰ ਚੰਗੀ ਸੇਧ ਮਿਲ ਸਕੇ।

ਇਸ ਮੌਕੇ ਪ੍ਰਬੰਧਕਾਂ ਨੇ ਦੱਸਿਆ ਕਿ ਆਉਣ ਵਾਲੇ ਸਮੇਂ ਵਿੱਚ ਵੀ ਅਜਿਹੇ ਸਮਾਗਮ ਕਰਵਾਏ ਜਾਣਗੇ ਤਾਂ ਜੋ ਨੌਜਵਾਨਾਂ ਨੂੰ ਚੰਗੀ ਸੇਧ ਮਿਲ ਸਕੇ।

ਇਸ ਮੌਕੇ ਪ੍ਰਬੰਧਕਾਂ ਨੇ ਦੱਸਿਆ ਕਿ ਆਉਣ ਵਾਲੇ ਸਮੇਂ ਵਿੱਚ ਵੀ ਅਜਿਹੇ ਸਮਾਗਮ ਕਰਵਾਏ ਜਾਣਗੇ ਤਾਂ ਜੋ ਨੌਜਵਾਨਾਂ ਨੂੰ ਚੰਗੀ ਸੇਧ ਮਿਲ ਸਕੇ।

ਇਸ ਮੌਕੇ ਪ੍ਰਬੰਧਕਾਂ ਨੇ ਦੱਸਿਆ ਕਿ ਆਉਣ ਵਾਲੇ ਸਮੇਂ ਵਿੱਚ ਵੀ ਅਜਿਹੇ ਸਮਾਗਮ ਕਰਵਾਏ ਜਾਣਗੇ ਤਾਂ ਜੋ ਨੌਜਵਾਨਾਂ ਨੂੰ ਚੰਗੀ ਸੇਧ ਮਿਲ ਸਕੇ।

ਬਜ਼ੁਰਗਾਂ ਲਈ ਮੁਫ਼ਤ ਅੱਖਾਂ ਦਾ ਜਾਂਚ ਕੈਂਪ

ਇਸ ਮੌਕੇ ਪ੍ਰਬੰਧਕਾਂ ਨੇ ਦੱਸਿਆ ਕਿ ਆਉਣ ਵਾਲੇ ਸਮੇਂ ਵਿੱਚ ਵੀ ਅਜਿਹੇ ਸਮਾਗਮ ਕਰਵਾਏ ਜਾਣਗੇ ਤਾਂ ਜੋ ਨੌਜਵਾਨਾਂ ਨੂੰ ਚੰਗੀ ਸੇਧ ਮਿਲ ਸਕੇ।

ਇਸ ਮੌਕੇ ਪ੍ਰਬੰਧਕਾਂ ਨੇ ਦੱਸਿਆ ਕਿ ਆਉਣ ਵਾਲੇ ਸਮੇਂ ਵਿੱਚ ਵੀ ਅਜਿਹੇ ਸਮਾਗਮ ਕਰਵਾਏ ਜਾਣਗੇ ਤਾਂ ਜੋ ਨੌਜਵਾਨਾਂ ਨੂੰ ਚੰਗੀ ਸੇਧ ਮਿਲ ਸਕੇ।

ਇਸ ਮੌਕੇ ਪ੍ਰਬੰਧਕਾਂ ਨੇ ਦੱਸਿਆ ਕਿ ਆਉਣ ਵਾਲੇ ਸਮੇਂ ਵਿੱਚ ਵੀ ਅਜਿਹੇ ਸਮਾਗਮ ਕਰਵਾਏ ਜਾਣਗੇ ਤਾਂ ਜੋ ਨੌਜਵਾਨਾਂ ਨੂੰ ਚੰਗੀ ਸੇਧ ਮਿਲ ਸਕੇ।

ਇਸ ਮੌਕੇ ਪ੍ਰਬੰਧਕਾਂ ਨੇ ਦੱਸਿਆ ਕਿ ਆਉਣ ਵਾਲੇ ਸਮੇਂ ਵਿੱਚ ਵੀ ਅਜਿਹੇ ਸਮਾਗਮ ਕਰਵਾਏ ਜਾਣਗੇ ਤਾਂ ਜੋ ਨੌਜਵਾਨਾਂ ਨੂੰ ਚੰਗੀ ਸੇਧ ਮਿਲ ਸਕੇ।
